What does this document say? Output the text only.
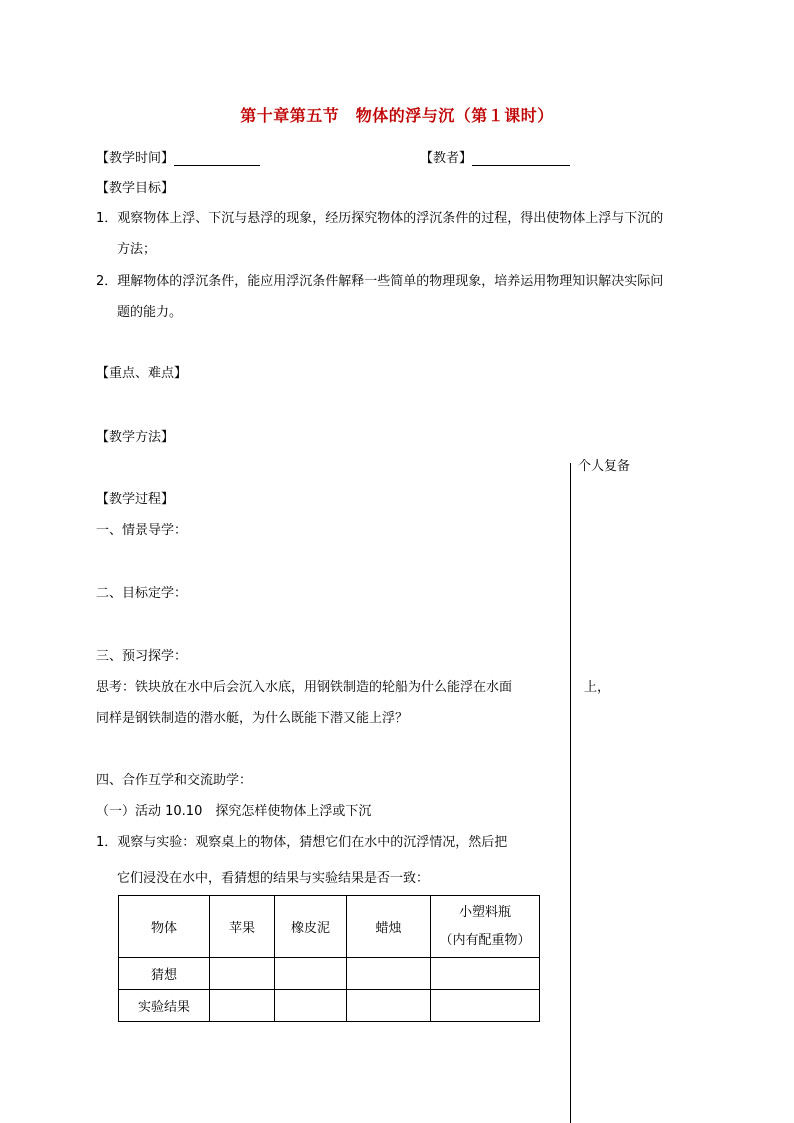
第十章第五节　物体的浮与沉（第１课时）
【教学时间】	【教者】
【教学目标】
1．观察物体上浮、下沉与悬浮的现象，经历探究物体的浮沉条件的过程，得出使物体上浮与下沉的
方法；
2．理解物体的浮沉条件，能应用浮沉条件解释一些简单的物理现象，培养运用物理知识解决实际问
题的能力。
【重点、难点】
【教学方法】
个人复备
【教学过程】
一、情景导学：
二、目标定学：
三、预习探学：
思考：铁块放在水中后会沉入水底，用钢铁制造的轮船为什么能浮在水面	上，
同样是钢铁制造的潜水艇，为什么既能下潜又能上浮？
四、合作互学和交流助学：
（一）活动 10.10　探究怎样使物体上浮或下沉
1．观察与实验：观察桌上的物体，猜想它们在水中的沉浮情况，然后把
它们浸没在水中，看猜想的结果与实验结果是否一致：
物体	苹果	橡皮泥	蜡烛	小塑料瓶
（内有配重物）

猜想				
实验结果				
